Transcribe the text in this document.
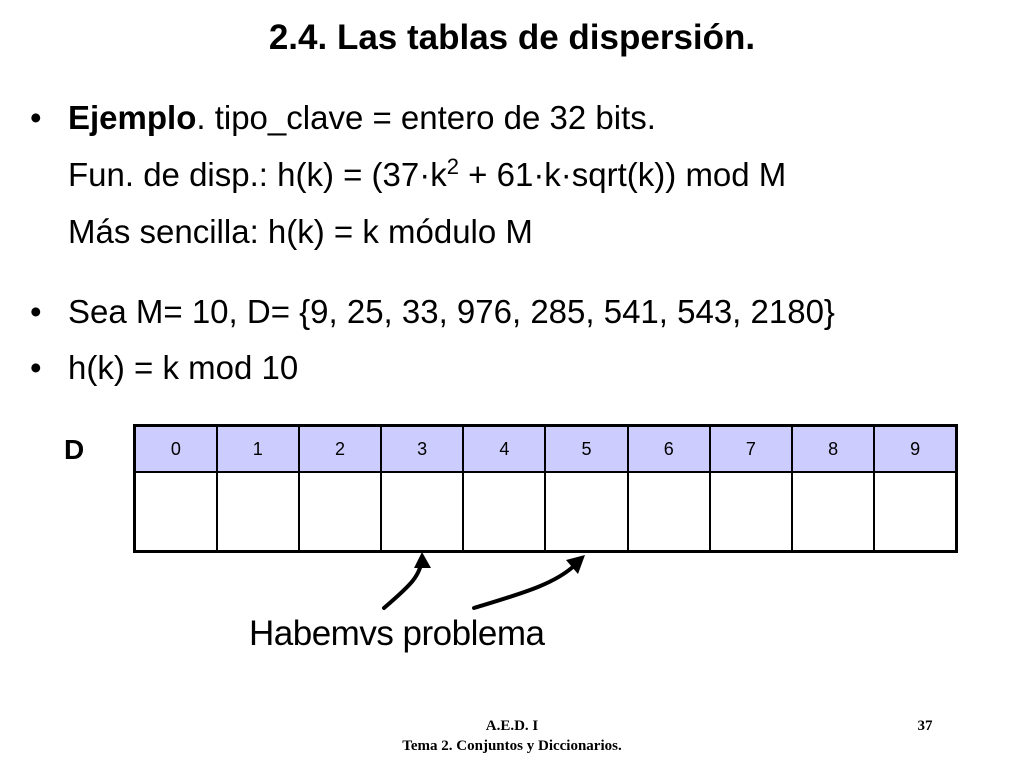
2.4. Las tablas de dispersión.
• Ejemplo. tipo_clave = entero de 32 bits.
Fun. de disp.: $h(k) = (37\cdot k^2$ + 61·k·sqrt(k)) mod M
Más sencilla: h(k) = k módulo M
• Sea M= 10, D= {9, 25, 33, 976, 285, 541, 543, 2180}
• h(k) = k mod 10
D	0	1	2	3	4	5	6	7	8	9

Habemvs problema
A.E.D. I
Tema 2. Conjuntos y Diccionarios.
37
